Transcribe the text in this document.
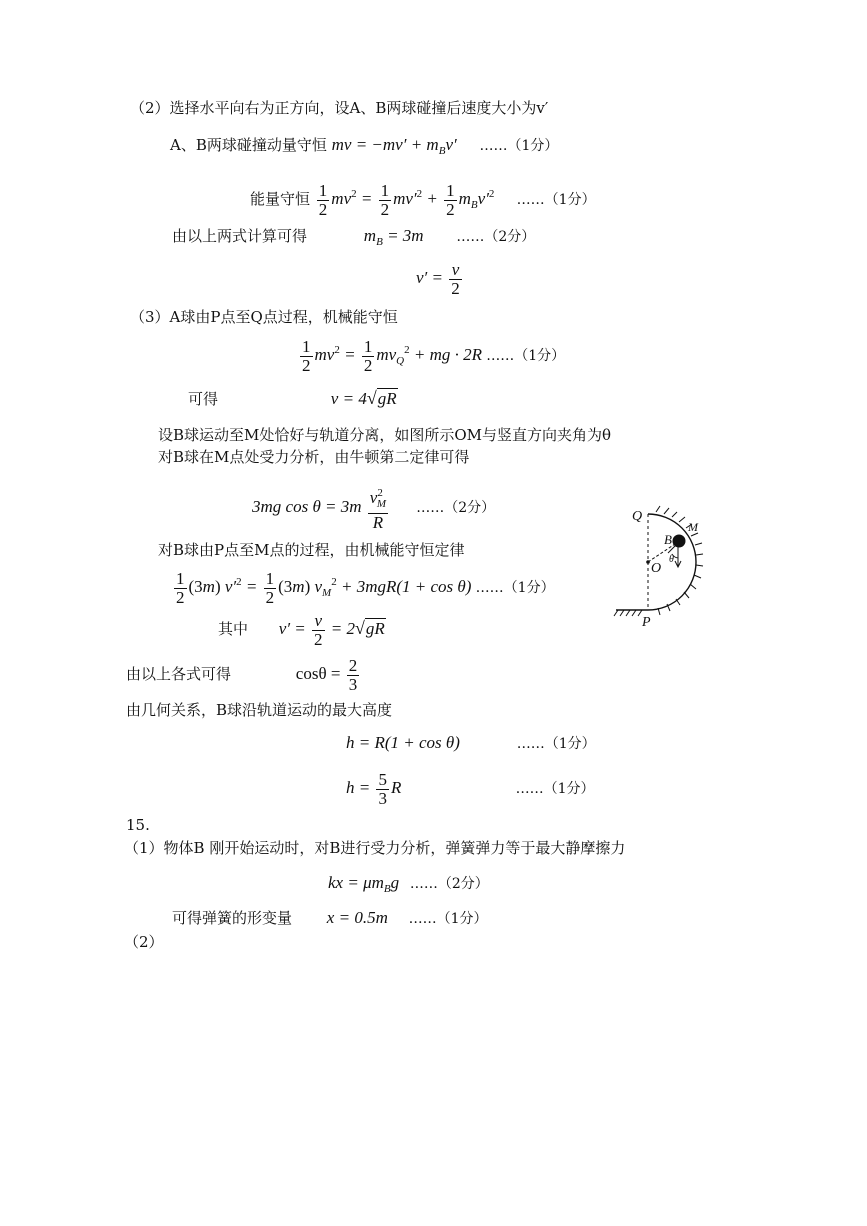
（2）选择水平向右为正方向，设A、B两球碰撞后速度大小为v′
A、B两球碰撞动量守恒 mv = $-mv' + m_Bv'$ ……（1分）
能量守恒 $\frac{1}{2} mv^2 = \frac{1}{2} mv'^2 + \frac{1}{2} m_Bv'^2$ ……（1分）
由以上两式计算可得	$m_B = 3m$ ……（2分）
$v' = \frac{v}{2}$
（3）A球由P点至Q点过程，机械能守恒
$\frac{1}{2} mv^2 = \frac{1}{2} mv_Q^2$ + mg · 2R ……（1分）
可得	v = 4√gR
设B球运动至M处恰好与轨道分离，如图所示OM与竖直方向夹角为θ
对B球在M点处受力分析，由牛顿第二定律可得
3mg $\cos \theta = 3m \frac{v^2_M}{R}$ ……（2分）
对B球由P点至M点的过程，由机械能守恒定律
$\frac{1}{2} (3m) v'^2 = \frac{1}{2} (3m) v_M^2 + 3mgR(1 + \cos \theta)$ ……（1分）
其中 $v' = \frac{v}{2} = 2√gR$
由以上各式可得	$\cos\theta = \frac{2}{3}$
由几何关系，B球沿轨道运动的最大高度
h = R(1 + cos θ)	……（1分）
$h = \frac{5}{3}$ R	……（1分）
15.
（1）物体B 刚开始运动时，对B进行受力分析，弹簧弹力等于最大静摩擦力
kx = $\mu m_Bg$ ……（2分）
可得弹簧的形变量 x = 0.5m ……（1分）
（2）
Q
M
B
θ
O
P
